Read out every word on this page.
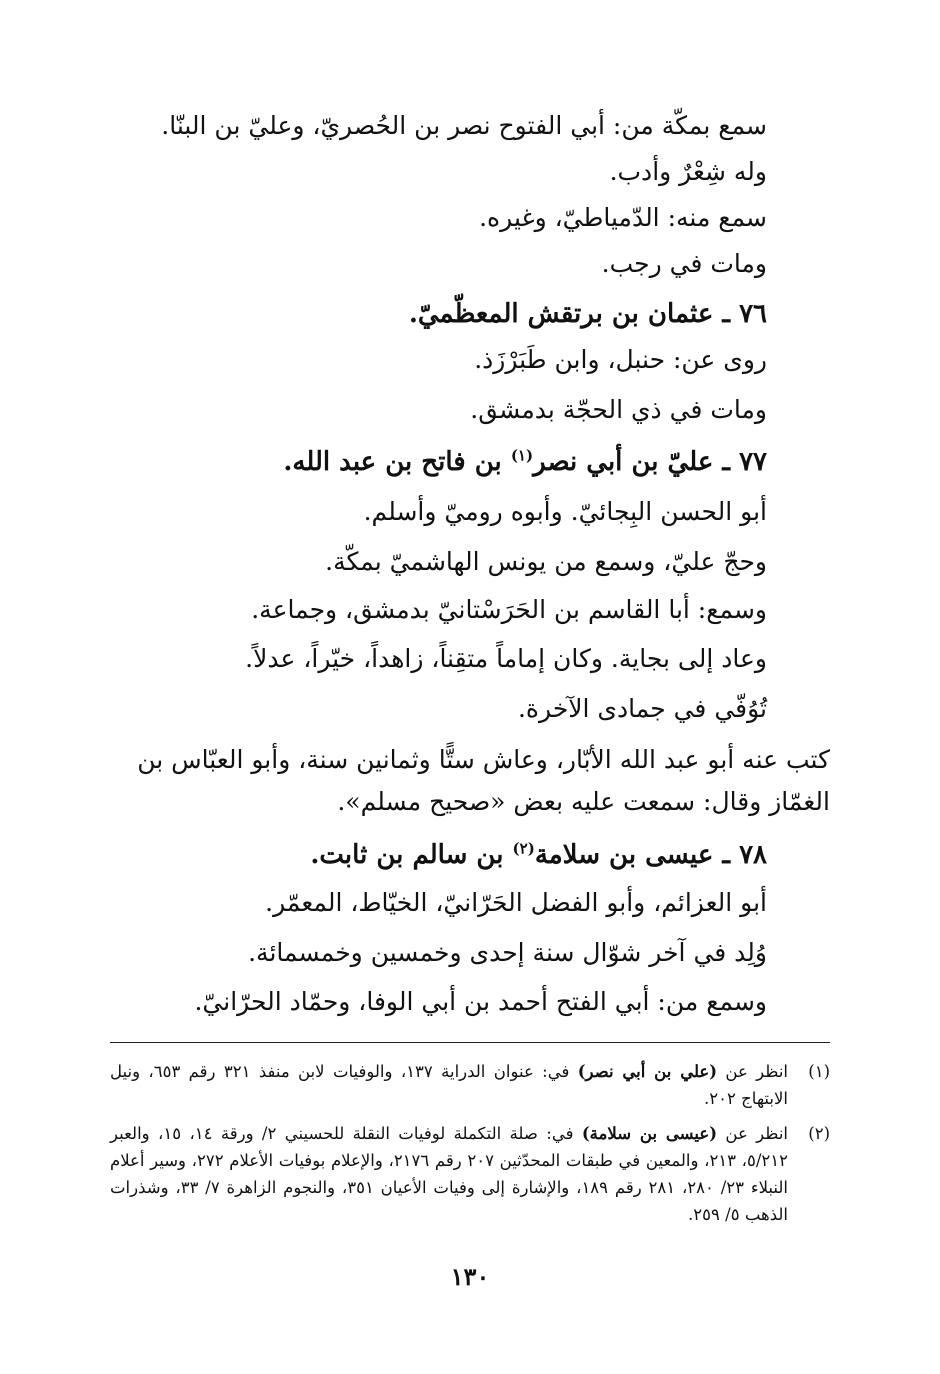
سمع بمكّة من: أبي الفتوح نصر بن الحُصريّ، وعليّ بن البنّا.
وله شِعْرٌ وأدب.
سمع منه: الدّمياطيّ، وغيره.
ومات في رجب.
٧٦ ـ عثمان بن برتقش المعظّميّ.
روى عن: حنبل، وابن طَبَرْزَذ.
ومات في ذي الحجّة بدمشق.
٧٧ ـ عليّ بن أبي نصر$^{(١)}$ بن فاتح بن عبد الله.
أبو الحسن البِجائيّ. وأبوه روميّ وأسلم.
وحجّ عليّ، وسمع من يونس الهاشميّ بمكّة.
وسمع: أبا القاسم بن الحَرَسْتانيّ بدمشق، وجماعة.
وعاد إلى بجاية. وكان إماماً متقِناً، زاهداً، خيّراً، عدلاً.
تُوُفّي في جمادى الآخرة.
كتب عنه أبو عبد الله الأبّار، وعاش ستًّا وثمانين سنة، وأبو العبّاس بن
الغمّاز وقال: سمعت عليه بعض «صحيح مسلم».
٧٨ ـ عيسى بن سلامة$^{(٢)}$ بن سالم بن ثابت.
أبو العزائم، وأبو الفضل الحَرّانيّ، الخيّاط، المعمّر.
وُلِد في آخر شوّال سنة إحدى وخمسين وخمسمائة.
وسمع من: أبي الفتح أحمد بن أبي الوفا، وحمّاد الحرّانيّ.
(١)
انظر عن (علي بن أبي نصر) في: عنوان الدراية ١٣٧، والوفيات لابن منفذ ٣٢١ رقم ٦٥٣، ونيل الابتهاج ٢٠٢.
(٢)
انظر عن (عيسى بن سلامة) في: صلة التكملة لوفيات النقلة للحسيني ٢/ ورقة ١٤، ١٥، والعبر ٥/٢١٢، ٢١٣، والمعين في طبقات المحدّثين ٢٠٧ رقم ٢١٧٦، والإعلام بوفيات الأعلام ٢٧٢، وسير أعلام النبلاء ٢٣/ ٢٨٠، ٢٨١ رقم ١٨٩، والإشارة إلى وفيات الأعيان ٣٥١، والنجوم الزاهرة ٧/ ٣٣، وشذرات الذهب ٥/ ٢٥٩.
١٣٠
